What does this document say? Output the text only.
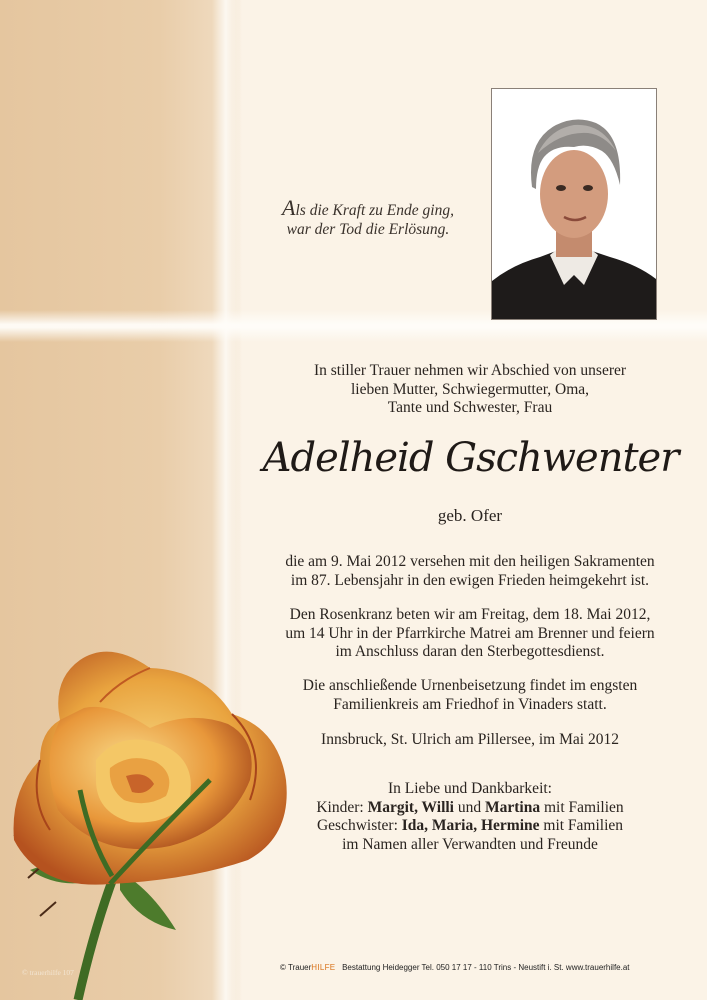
Als die Kraft zu Ende ging,
war der Tod die Erlösung.
In stiller Trauer nehmen wir Abschied von unserer
lieben Mutter, Schwiegermutter, Oma,
Tante und Schwester, Frau
Adelheid Gschwenter
geb. Ofer
die am 9. Mai 2012 versehen mit den heiligen Sakramenten
im 87. Lebensjahr in den ewigen Frieden heimgekehrt ist.
Den Rosenkranz beten wir am Freitag, dem 18. Mai 2012,
um 14 Uhr in der Pfarrkirche Matrei am Brenner und feiern
im Anschluss daran den Sterbegottesdienst.
Die anschließende Urnenbeisetzung findet im engsten
Familienkreis am Friedhof in Vinaders statt.
Innsbruck, St. Ulrich am Pillersee, im Mai 2012
In Liebe und Dankbarkeit:
Kinder: Margit, Willi und Martina mit Familien
Geschwister: Ida, Maria, Hermine mit Familien
im Namen aller Verwandten und Freunde
© trauerhilfe 107
© TrauerHILFE Bestattung Heidegger Tel. 050 17 17 - 110 Trins - Neustift i. St. www.trauerhilfe.at
